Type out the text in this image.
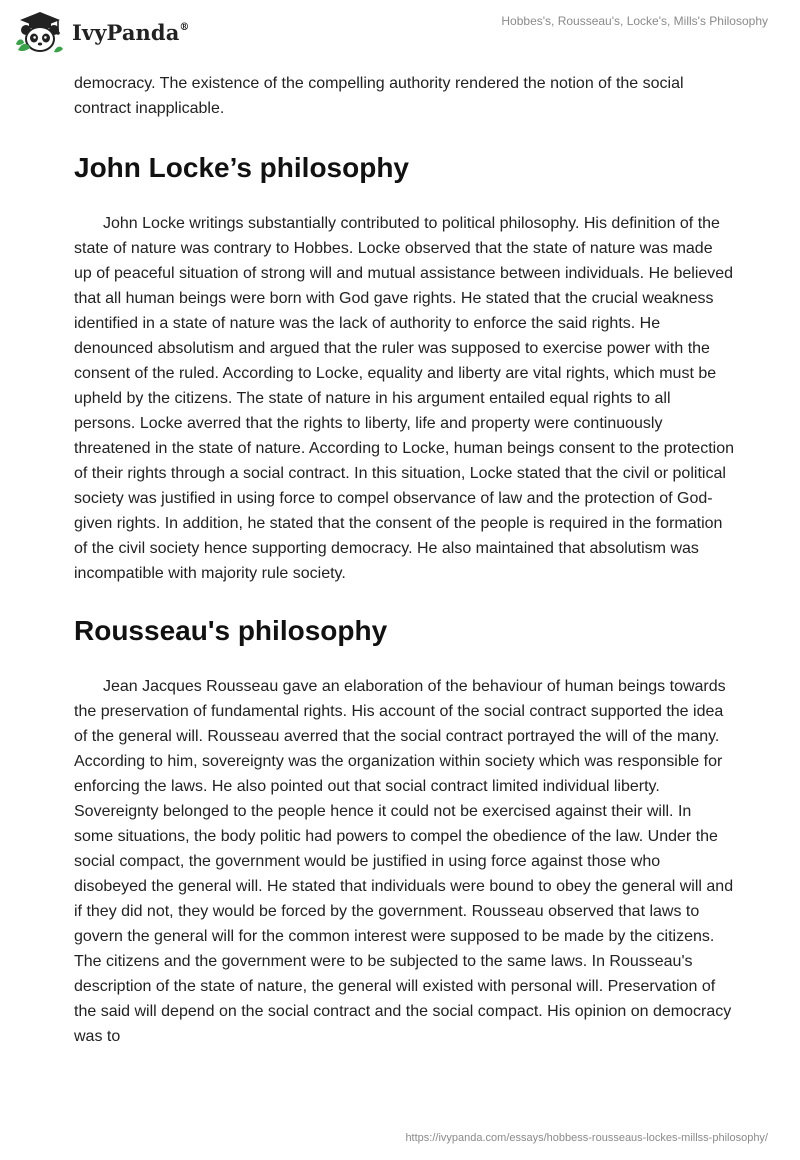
IvyPanda®	Hobbes's, Rousseau's, Locke's, Mills's Philosophy

democracy. The existence of the compelling authority rendered the notion of the social contract inapplicable.

John Locke’s philosophy

John Locke writings substantially contributed to political philosophy. His definition of the state of nature was contrary to Hobbes. Locke observed that the state of nature was made up of peaceful situation of strong will and mutual assistance between individuals. He believed that all human beings were born with God gave rights. He stated that the crucial weakness identified in a state of nature was the lack of authority to enforce the said rights. He denounced absolutism and argued that the ruler was supposed to exercise power with the consent of the ruled. According to Locke, equality and liberty are vital rights, which must be upheld by the citizens. The state of nature in his argument entailed equal rights to all persons. Locke averred that the rights to liberty, life and property were continuously threatened in the state of nature. According to Locke, human beings consent to the protection of their rights through a social contract. In this situation, Locke stated that the civil or political society was justified in using force to compel observance of law and the protection of God-given rights. In addition, he stated that the consent of the people is required in the formation of the civil society hence supporting democracy. He also maintained that absolutism was incompatible with majority rule society.

Rousseau's philosophy

Jean Jacques Rousseau gave an elaboration of the behaviour of human beings towards the preservation of fundamental rights. His account of the social contract supported the idea of the general will. Rousseau averred that the social contract portrayed the will of the many. According to him, sovereignty was the organization within society which was responsible for enforcing the laws. He also pointed out that social contract limited individual liberty. Sovereignty belonged to the people hence it could not be exercised against their will. In some situations, the body politic had powers to compel the obedience of the law. Under the social compact, the government would be justified in using force against those who disobeyed the general will. He stated that individuals were bound to obey the general will and if they did not, they would be forced by the government. Rousseau observed that laws to govern the general will for the common interest were supposed to be made by the citizens. The citizens and the government were to be subjected to the same laws. In Rousseau's description of the state of nature, the general will existed with personal will. Preservation of the said will depend on the social contract and the social compact. His opinion on democracy was to

https://ivypanda.com/essays/hobbess-rousseaus-lockes-millss-philosophy/
